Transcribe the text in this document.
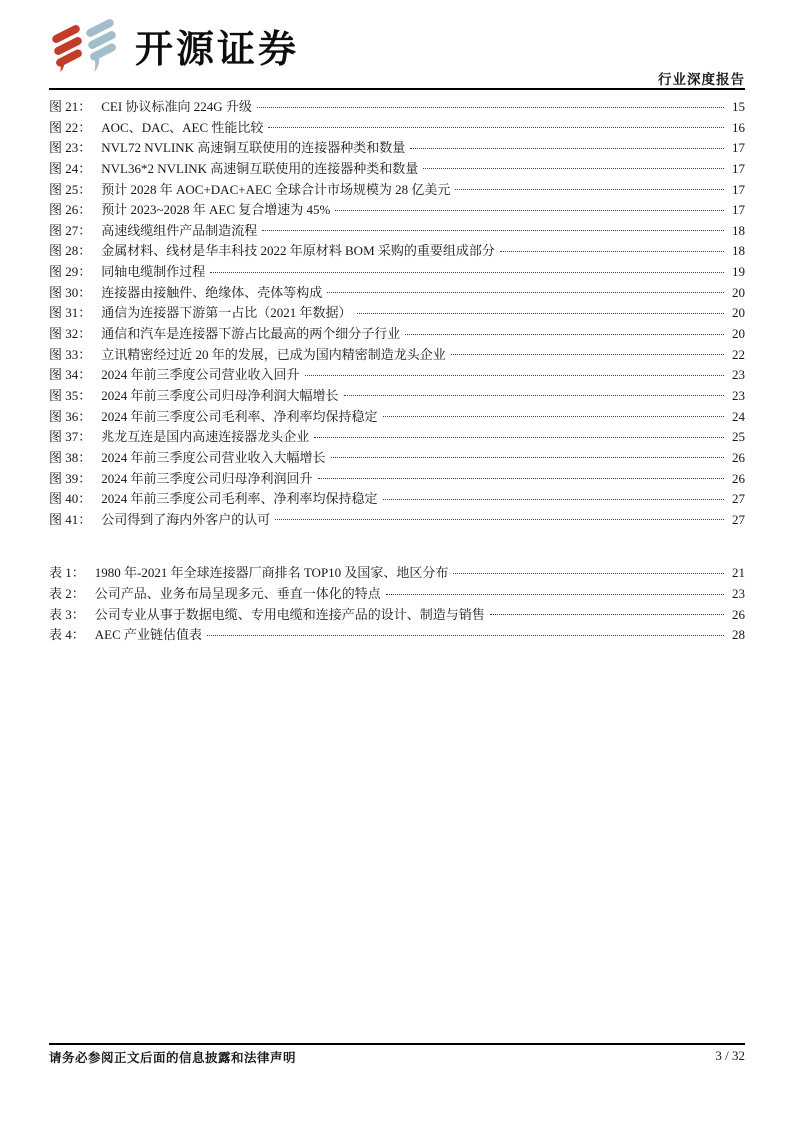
开源证券
行业深度报告
图 21： CEI 协议标准向 224G 升级	15
图 22： AOC、DAC、AEC 性能比较	16
图 23： NVL72 NVLINK 高速铜互联使用的连接器种类和数量	17
图 24： NVL36*2 NVLINK 高速铜互联使用的连接器种类和数量	17
图 25： 预计 2028 年 AOC+DAC+AEC 全球合计市场规模为 28 亿美元	17
图 26： 预计 2023~2028 年 AEC 复合增速为 45%	17
图 27： 高速线缆组件产品制造流程	18
图 28： 金属材料、线材是华丰科技 2022 年原材料 BOM 采购的重要组成部分	18
图 29： 同轴电缆制作过程	19
图 30： 连接器由接触件、绝缘体、壳体等构成	20
图 31： 通信为连接器下游第一占比（2021 年数据）	20
图 32： 通信和汽车是连接器下游占比最高的两个细分子行业	20
图 33： 立讯精密经过近 20 年的发展，已成为国内精密制造龙头企业	22
图 34： 2024 年前三季度公司营业收入回升	23
图 35： 2024 年前三季度公司归母净利润大幅增长	23
图 36： 2024 年前三季度公司毛利率、净利率均保持稳定	24
图 37： 兆龙互连是国内高速连接器龙头企业	25
图 38： 2024 年前三季度公司营业收入大幅增长	26
图 39： 2024 年前三季度公司归母净利润回升	26
图 40： 2024 年前三季度公司毛利率、净利率均保持稳定	27
图 41： 公司得到了海内外客户的认可	27
表 1： 1980 年-2021 年全球连接器厂商排名 TOP10 及国家、地区分布	21
表 2： 公司产品、业务布局呈现多元、垂直一体化的特点	23
表 3： 公司专业从事于数据电缆、专用电缆和连接产品的设计、制造与销售	26
表 4： AEC 产业链估值表	28
请务必参阅正文后面的信息披露和法律声明	3 / 32
